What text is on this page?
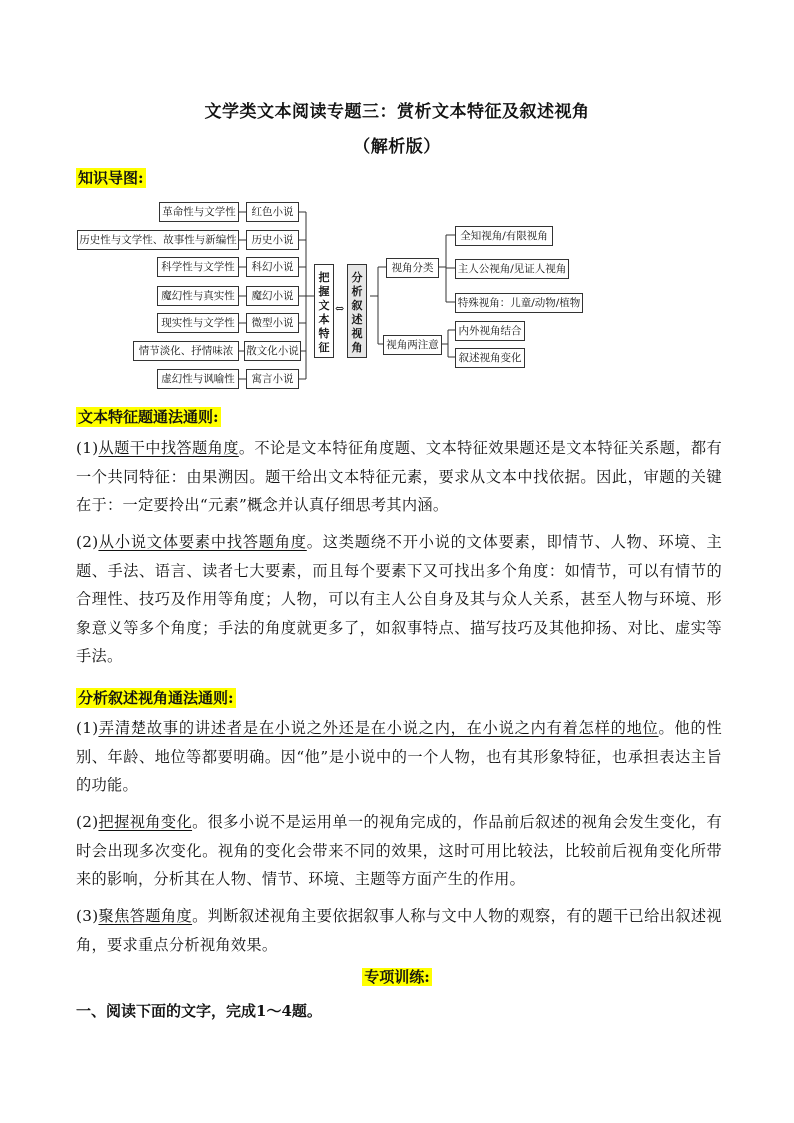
文学类文本阅读专题三：赏析文本特征及叙述视角
（解析版）
知识导图:
革命性与文学性
历史性与文学性、故事性与新编性
科学性与文学性
魔幻性与真实性
现实性与文学性
情节淡化、抒情味浓
虚幻性与讽喻性
红色小说
历史小说
科幻小说
魔幻小说
微型小说
散文化小说
寓言小说
把握文本特征
⇔
分析叙述视角
视角分类
视角两注意
全知视角/有限视角
主人公视角/见证人视角
特殊视角：儿童/动物/植物
内外视角结合
叙述视角变化
文本特征题通法通则:
(1)从题干中找答题角度。不论是文本特征角度题、文本特征效果题还是文本特征关系题，都有一个共同特征：由果溯因。题干给出文本特征元素，要求从文本中找依据。因此，审题的关键在于：一定要拎出“元素”概念并认真仔细思考其内涵。
(2)从小说文体要素中找答题角度。这类题绕不开小说的文体要素，即情节、人物、环境、主题、手法、语言、读者七大要素，而且每个要素下又可找出多个角度：如情节，可以有情节的合理性、技巧及作用等角度；人物，可以有主人公自身及其与众人关系，甚至人物与环境、形象意义等多个角度；手法的角度就更多了，如叙事特点、描写技巧及其他抑扬、对比、虚实等手法。
分析叙述视角通法通则:
(1)弄清楚故事的讲述者是在小说之外还是在小说之内，在小说之内有着怎样的地位。他的性别、年龄、地位等都要明确。因“他”是小说中的一个人物，也有其形象特征，也承担表达主旨的功能。
(2)把握视角变化。很多小说不是运用单一的视角完成的，作品前后叙述的视角会发生变化，有时会出现多次变化。视角的变化会带来不同的效果，这时可用比较法，比较前后视角变化所带来的影响，分析其在人物、情节、环境、主题等方面产生的作用。
(3)聚焦答题角度。判断叙述视角主要依据叙事人称与文中人物的观察，有的题干已给出叙述视角，要求重点分析视角效果。
专项训练:
一、阅读下面的文字，完成1～4题。
